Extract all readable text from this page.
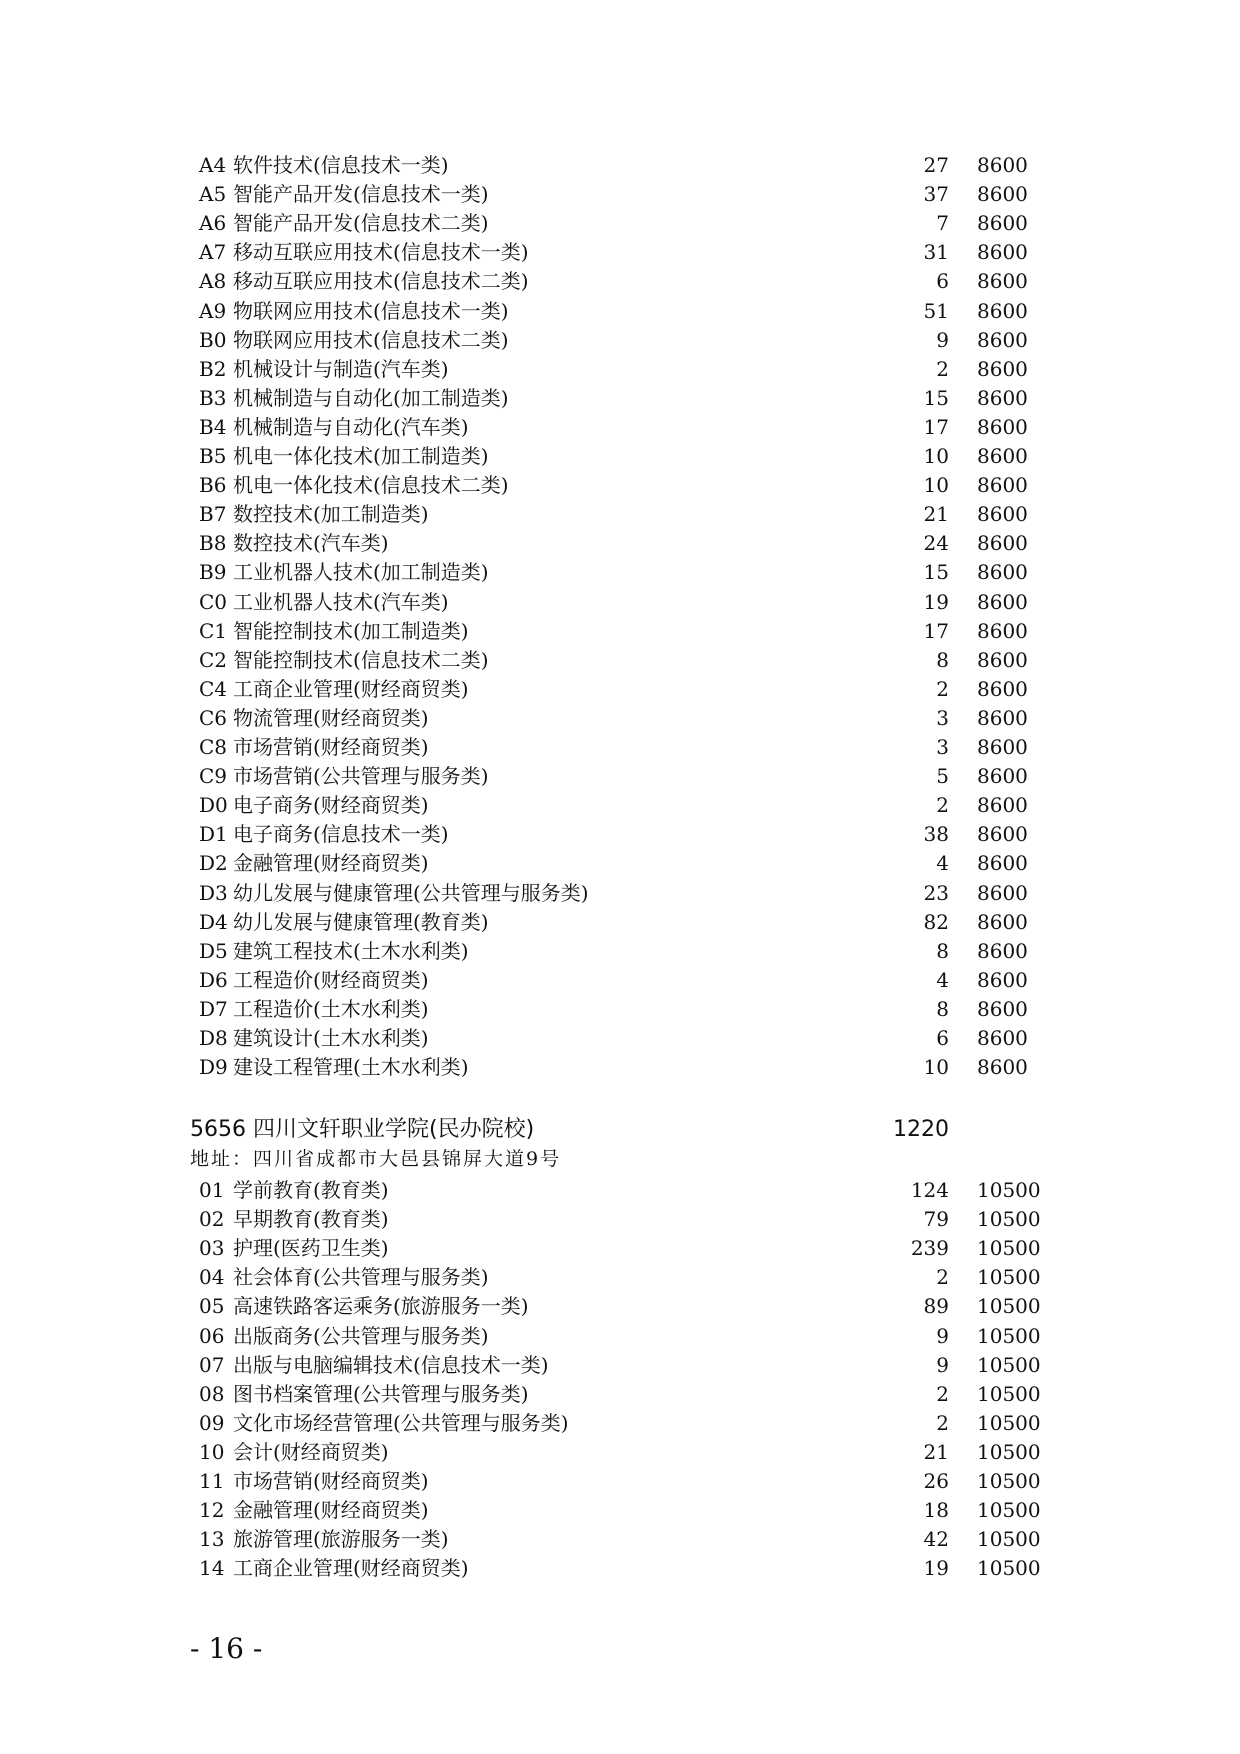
A4 软件技术(信息技术一类)	27 8600
A5 智能产品开发(信息技术一类)	37 8600
A6 智能产品开发(信息技术二类)	7 8600
A7 移动互联应用技术(信息技术一类)	31 8600
A8 移动互联应用技术(信息技术二类)	6 8600
A9 物联网应用技术(信息技术一类)	51 8600
B0 物联网应用技术(信息技术二类)	9 8600
B2 机械设计与制造(汽车类)	2 8600
B3 机械制造与自动化(加工制造类)	15 8600
B4 机械制造与自动化(汽车类)	17 8600
B5 机电一体化技术(加工制造类)	10 8600
B6 机电一体化技术(信息技术二类)	10 8600
B7 数控技术(加工制造类)	21 8600
B8 数控技术(汽车类)	24 8600
B9 工业机器人技术(加工制造类)	15 8600
C0 工业机器人技术(汽车类)	19 8600
C1 智能控制技术(加工制造类)	17 8600
C2 智能控制技术(信息技术二类)	8 8600
C4 工商企业管理(财经商贸类)	2 8600
C6 物流管理(财经商贸类)	3 8600
C8 市场营销(财经商贸类)	3 8600
C9 市场营销(公共管理与服务类)	5 8600
D0 电子商务(财经商贸类)	2 8600
D1 电子商务(信息技术一类)	38 8600
D2 金融管理(财经商贸类)	4 8600
D3 幼儿发展与健康管理(公共管理与服务类)	23 8600
D4 幼儿发展与健康管理(教育类)	82 8600
D5 建筑工程技术(土木水利类)	8 8600
D6 工程造价(财经商贸类)	4 8600
D7 工程造价(土木水利类)	8 8600
D8 建筑设计(土木水利类)	6 8600
D9 建设工程管理(土木水利类)	10 8600
5656 四川文轩职业学院(民办院校)	1220
地址：四川省成都市大邑县锦屏大道9号
01 学前教育(教育类)	124 10500
02 早期教育(教育类)	79 10500
03 护理(医药卫生类)	239 10500
04 社会体育(公共管理与服务类)	2 10500
05 高速铁路客运乘务(旅游服务一类)	89 10500
06 出版商务(公共管理与服务类)	9 10500
07 出版与电脑编辑技术(信息技术一类)	9 10500
08 图书档案管理(公共管理与服务类)	2 10500
09 文化市场经营管理(公共管理与服务类)	2 10500
10 会计(财经商贸类)	21 10500
11 市场营销(财经商贸类)	26 10500
12 金融管理(财经商贸类)	18 10500
13 旅游管理(旅游服务一类)	42 10500
14 工商企业管理(财经商贸类)	19 10500
- 16 -
